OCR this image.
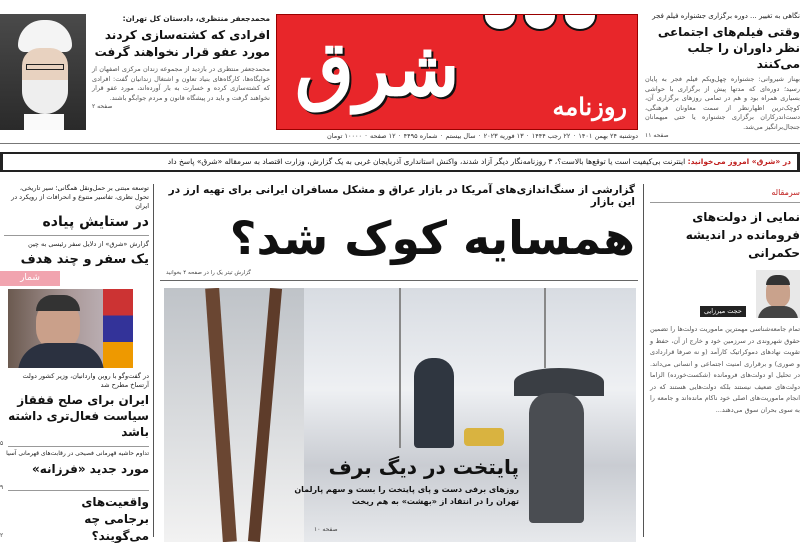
محمدجعفر منتظری، دادستان کل تهران:
افرادی که کشته‌سازی کردند مورد عفو قرار نخواهند گرفت
محمدجعفر منتظری در بازدید از مجموعه زندان مرکزی اصفهان از خوابگاه‌ها، کارگاه‌های بنیاد تعاون و اشتغال زندانیان گفت: افرادی که کشته‌سازی کرده و خسارت به بار آورده‌اند، مورد عفو قرار نخواهند گرفت و باید در پیشگاه قانون و مردم جوابگو باشند.
صفحه ۲	شرق	روزنامه
دوشنبه ۲۴ بهمن ۱۴۰۱
·
۲۲ رجب ۱۴۴۴
·
۱۳ فوریه ۲۰۲۳
·
سال بیستم
·
شماره ۴۴۹۵
·
۱۲ صفحه
·
۱۰۰۰۰ تومان
نگاهی به تغییر ... دوره برگزاری جشنواره فیلم فجر
وقتی فیلم‌های اجتماعی نظر داوران را جلب می‌کنند
بهناز شیروانی: جشنواره چهل‌ویکم فیلم فجر به پایان رسید؛ دوره‌ای که مدتها پیش از برگزاری با حواشی بسیاری همراه بود و هم در تمامی روزهای برگزاری آن، کوچک‌ترین اظهارنظر از سمت معاونان فرهنگی، دست‌اندرکاران برگزاری جشنواره یا حتی میهمانان جنجال‌برانگیز می‌شد.
صفحه ۱۱
در «شرق» امروز می‌خوانید: اینترنت بی‌کیفیت است یا توقع‌ها بالاست؟، ۳ روزنامه‌نگار دیگر آزاد شدند، واکنش استانداری آذربایجان غربی به یک گزارش، وزارت اقتصاد به سرمقاله «شرق» پاسخ داد
توسعه مبتنی بر حمل‌ونقل همگانی؛ سیر تاریخی، تحول نظری، تفاسیر متنوع و انحرافات از رویکرد در ایران
در ستایش پیاده
گزارش «شرق» از دلایل سفر رئیسی به چین
یک سفر و چند هدف
شمار
در گفت‌وگو با روبن واردانیان، وزیر کشور دولت آرتساخ مطرح شد
ایران برای صلح قفقاز سیاست فعال‌تری داشته باشد
۵
تداوم حاشیه قهرمانی فصیحی در رقابت‌های قهرمانی آسیا
مورد جدید «فرزانه»
۹
واقعیت‌های برجامی چه می‌گویند؟
۲
گزارشی از سنگ‌اندازی‌های آمریکا در بازار عراق و مشکل مسافران ایرانی برای تهیه ارز در این بازار
همسایه کوک شد؟
گزارش تیتر یک را در صفحه ۴ بخوانید
پایتخت در دیگ برف
روزهای برفی دست و پای پایتخت را بست و سهم پارلمان تهران را در انتقاد از «بهشت» به هم ریخت
صفحه ۱۰
سرمقاله
نمایی از دولت‌های فرومانده در اندیشه حکمرانی
حجت میرزایی
تمام جامعه‌شناسی مهمترین ماموریت دولت‌ها را تضمین حقوق شهروندی در سرزمین خود و خارج از آن، حفظ و تقویت نهادهای دموکراتیک کارآمد (و نه صرفا قراردادی و صوری) و برقراری امنیت اجتماعی و انسانی می‌داند. در تحلیل او دولت‌های فرومانده (شکست‌خورده) الزاما دولت‌های ضعیف نیستند بلکه دولت‌هایی هستند که در انجام ماموریت‌های اصلی خود ناکام مانده‌اند و جامعه را به سوی بحران سوق می‌دهند...
